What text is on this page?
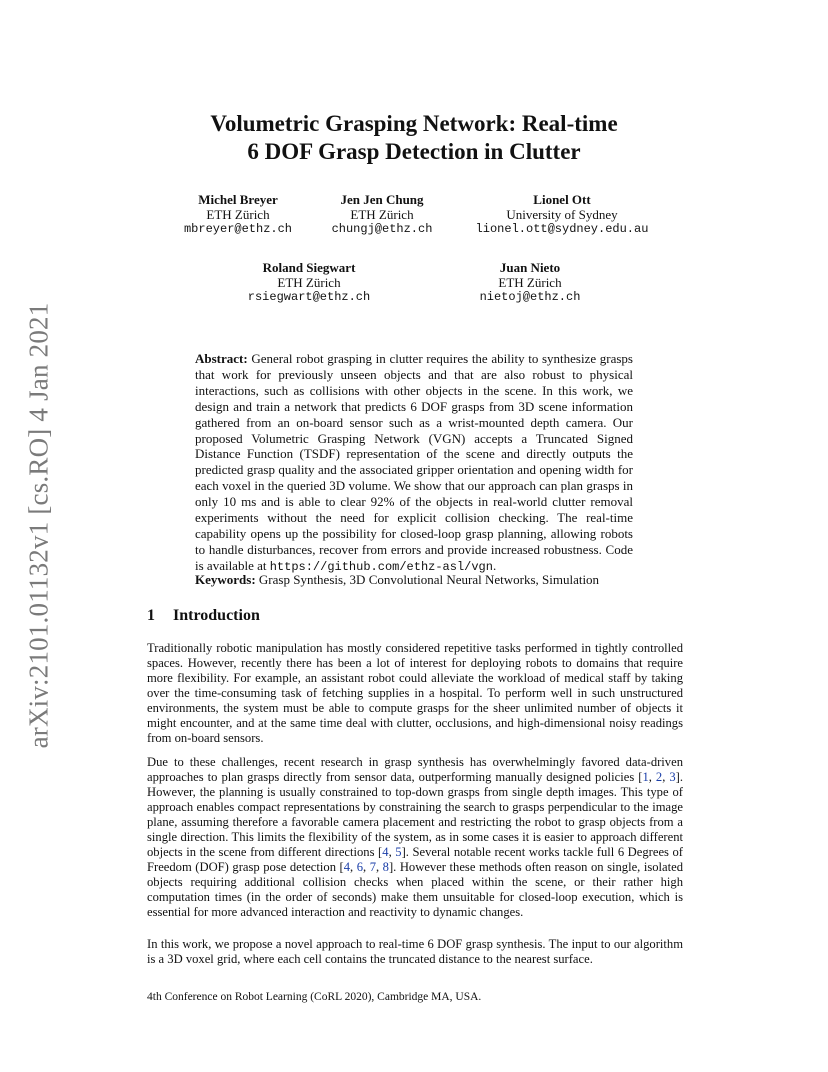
arXiv:2101.01132v1 [cs.RO] 4 Jan 2021
Volumetric Grasping Network: Real-time
6 DOF Grasp Detection in Clutter
Michel Breyer
ETH Zürich
mbreyer@ethz.ch
Jen Jen Chung
ETH Zürich
chungj@ethz.ch
Lionel Ott
University of Sydney
lionel.ott@sydney.edu.au
Roland Siegwart
ETH Zürich
rsiegwart@ethz.ch
Juan Nieto
ETH Zürich
nietoj@ethz.ch

Abstract: General robot grasping in clutter requires the ability to synthesize grasps that work for previously unseen objects and that are also robust to physical interactions, such as collisions with other objects in the scene. In this work, we design and train a network that predicts 6 DOF grasps from 3D scene information gathered from an on-board sensor such as a wrist-mounted depth camera. Our proposed Volumetric Grasping Network (VGN) accepts a Truncated Signed Distance Function (TSDF) representation of the scene and directly outputs the predicted grasp quality and the associated gripper orientation and opening width for each voxel in the queried 3D volume. We show that our approach can plan grasps in only 10 ms and is able to clear 92% of the objects in real-world clutter removal experiments without the need for explicit collision checking. The real-time capability opens up the possibility for closed-loop grasp planning, allowing robots to handle disturbances, recover from errors and provide increased robustness. Code is available at https://github.com/ethz-asl/vgn.

Keywords: Grasp Synthesis, 3D Convolutional Neural Networks, Simulation

1 Introduction

Traditionally robotic manipulation has mostly considered repetitive tasks performed in tightly controlled spaces. However, recently there has been a lot of interest for deploying robots to domains that require more flexibility. For example, an assistant robot could alleviate the workload of medical staff by taking over the time-consuming task of fetching supplies in a hospital. To perform well in such unstructured environments, the system must be able to compute grasps for the sheer unlimited number of objects it might encounter, and at the same time deal with clutter, occlusions, and high-dimensional noisy readings from on-board sensors.

Due to these challenges, recent research in grasp synthesis has overwhelmingly favored data-driven approaches to plan grasps directly from sensor data, outperforming manually designed policies [1, 2, 3]. However, the planning is usually constrained to top-down grasps from single depth images. This type of approach enables compact representations by constraining the search to grasps perpendicular to the image plane, assuming therefore a favorable camera placement and restricting the robot to grasp objects from a single direction. This limits the flexibility of the system, as in some cases it is easier to approach different objects in the scene from different directions [4, 5]. Several notable recent works tackle full 6 Degrees of Freedom (DOF) grasp pose detection [4, 6, 7, 8]. However these methods often reason on single, isolated objects requiring additional collision checks when placed within the scene, or their rather high computation times (in the order of seconds) make them unsuitable for closed-loop execution, which is essential for more advanced interaction and reactivity to dynamic changes.

In this work, we propose a novel approach to real-time 6 DOF grasp synthesis. The input to our algorithm is a 3D voxel grid, where each cell contains the truncated distance to the nearest surface.

4th Conference on Robot Learning (CoRL 2020), Cambridge MA, USA.
